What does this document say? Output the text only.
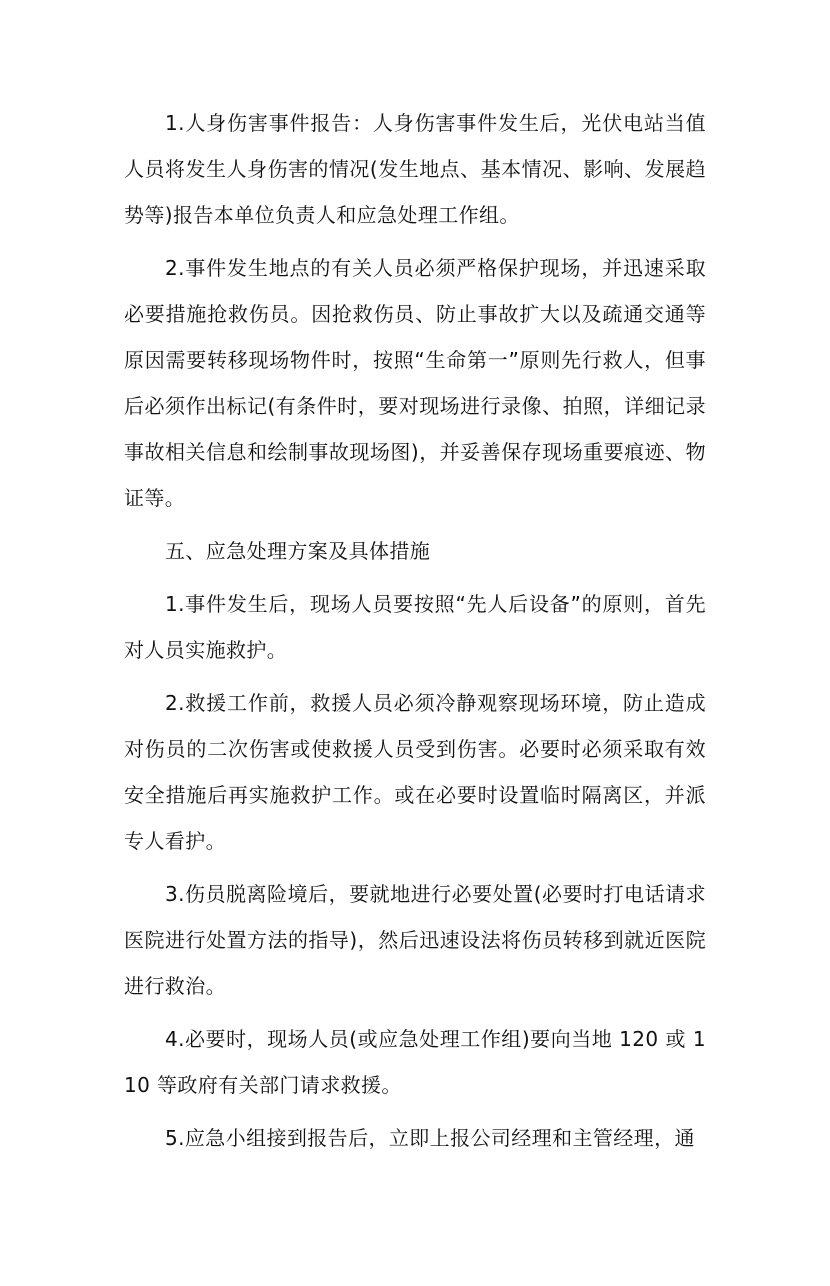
1.人身伤害事件报告：人身伤害事件发生后，光伏电站当值人员将发生人身伤害的情况(发生地点、基本情况、影响、发展趋势等)报告本单位负责人和应急处理工作组。

2.事件发生地点的有关人员必须严格保护现场，并迅速采取必要措施抢救伤员。因抢救伤员、防止事故扩大以及疏通交通等原因需要转移现场物件时，按照“生命第一”原则先行救人，但事后必须作出标记(有条件时，要对现场进行录像、拍照，详细记录事故相关信息和绘制事故现场图)，并妥善保存现场重要痕迹、物证等。

五、应急处理方案及具体措施

1.事件发生后，现场人员要按照“先人后设备”的原则，首先对人员实施救护。

2.救援工作前，救援人员必须冷静观察现场环境，防止造成对伤员的二次伤害或使救援人员受到伤害。必要时必须采取有效安全措施后再实施救护工作。或在必要时设置临时隔离区，并派专人看护。

3.伤员脱离险境后，要就地进行必要处置(必要时打电话请求医院进行处置方法的指导)，然后迅速设法将伤员转移到就近医院进行救治。

4.必要时，现场人员(或应急处理工作组)要向当地 120 或 110 等政府有关部门请求救援。

5.应急小组接到报告后，立即上报公司经理和主管经理，通
